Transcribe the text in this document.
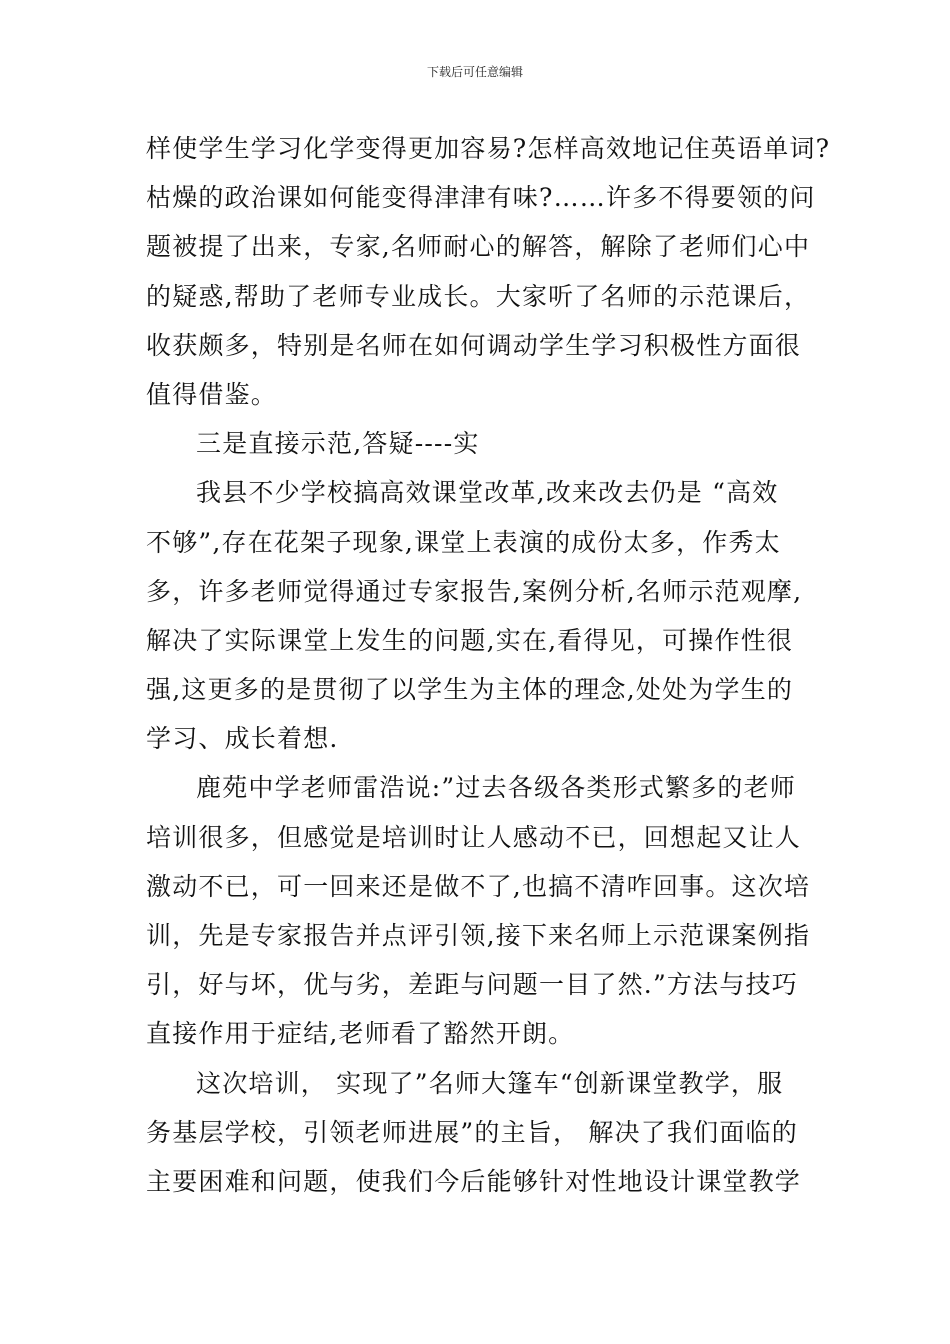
下载后可任意编辑
样使学生学习化学变得更加容易?怎样高效地记住英语单词?
枯燥的政治课如何能变得津津有味?……许多不得要领的问
题被提了出来，专家,名师耐心的解答，解除了老师们心中
的疑惑,帮助了老师专业成长。大家听了名师的示范课后，
收获颇多，特别是名师在如何调动学生学习积极性方面很
值得借鉴。
三是直接示范,答疑----实
我县不少学校搞高效课堂改革,改来改去仍是 “高效
不够”,存在花架子现象,课堂上表演的成份太多，作秀太
多，许多老师觉得通过专家报告,案例分析,名师示范观摩,
解决了实际课堂上发生的问题,实在,看得见，可操作性很
强,这更多的是贯彻了以学生为主体的理念,处处为学生的
学习、成长着想.
鹿苑中学老师雷浩说:”过去各级各类形式繁多的老师
培训很多，但感觉是培训时让人感动不已，回想起又让人
激动不已，可一回来还是做不了,也搞不清咋回事。这次培
训，先是专家报告并点评引领,接下来名师上示范课案例指
引，好与坏，优与劣，差距与问题一目了然.”方法与技巧
直接作用于症结,老师看了豁然开朗。
这次培训， 实现了”名师大篷车“创新课堂教学，服
务基层学校，引领老师进展”的主旨， 解决了我们面临的
主要困难和问题，使我们今后能够针对性地设计课堂教学
